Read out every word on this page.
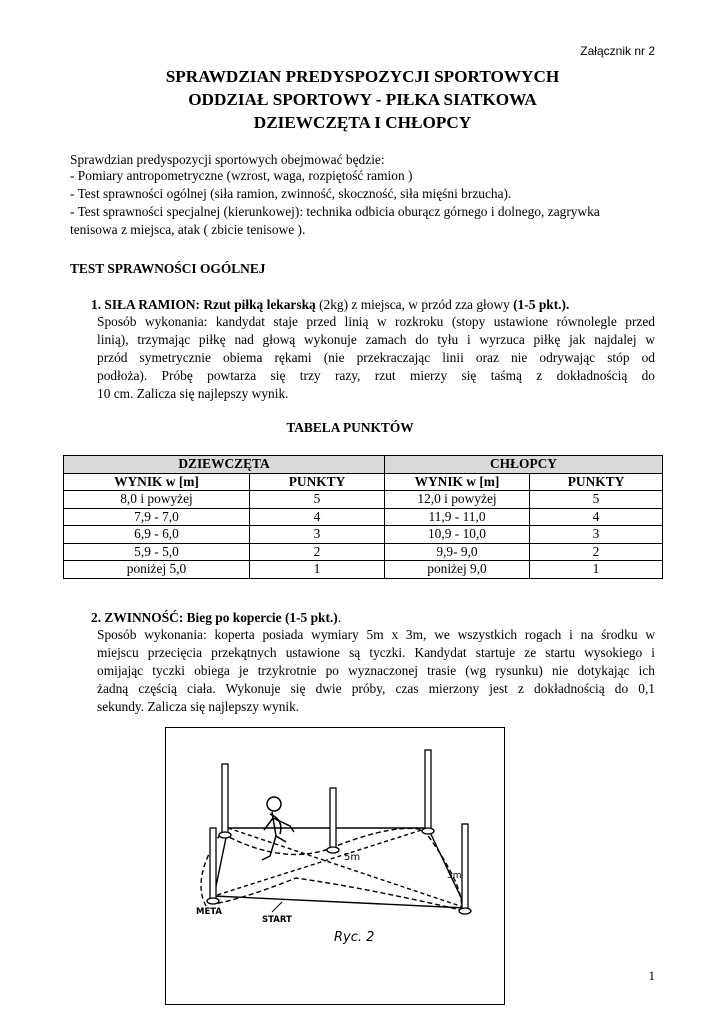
Załącznik nr 2
SPRAWDZIAN PREDYSPOZYCJI SPORTOWYCH
ODDZIAŁ SPORTOWY - PIŁKA SIATKOWA
DZIEWCZĘTA I CHŁOPCY
Sprawdzian predyspozycji sportowych obejmować będzie:
- Pomiary antropometryczne (wzrost, waga, rozpiętość ramion )
- Test sprawności ogólnej (siła ramion, zwinność, skoczność, siła mięśni brzucha).
- Test sprawności specjalnej (kierunkowej): technika odbicia oburącz górnego i dolnego, zagrywka
tenisowa z miejsca, atak ( zbicie tenisowe ).
TEST SPRAWNOŚCI OGÓLNEJ
1. SIŁA RAMION: Rzut piłką lekarską (2kg) z miejsca, w przód zza głowy (1-5 pkt.).
Sposób wykonania: kandydat staje przed linią w rozkroku (stopy ustawione równolegle przed
linią), trzymając piłkę nad głową wykonuje zamach do tyłu i wyrzuca piłkę jak najdalej w
przód symetrycznie obiema rękami (nie przekraczając linii oraz nie odrywając stóp od
podłoża). Próbę powtarza się trzy razy, rzut mierzy się taśmą z dokładnością do
10 cm. Zalicza się najlepszy wynik.
TABELA PUNKTÓW
DZIEWCZĘTA		CHŁOPCY	
WYNIK w [m]	PUNKTY	WYNIK w [m]	PUNKTY
8,0 i powyżej	5	12,0 i powyżej	5
7,9 - 7,0	4	11,9 - 11,0	4
6,9 - 6,0	3	10,9 - 10,0	3
5,9 - 5,0	2	9,9- 9,0	2
poniżej 5,0	1	poniżej 9,0	1
2. ZWINNOŚĆ: Bieg po kopercie (1-5 pkt.).
Sposób wykonania: koperta posiada wymiary 5m x 3m, we wszystkich rogach i na środku w
miejscu przecięcia przekątnych ustawione są tyczki. Kandydat startuje ze startu wysokiego i
omijając tyczki obiega je trzykrotnie po wyznaczonej trasie (wg rysunku) nie dotykając ich
żadną częścią ciała. Wykonuje się dwie próby, czas mierzony jest z dokładnością do 0,1
sekundy. Zalicza się najlepszy wynik.
5m
3m
META
START
Ryc. 2
1
